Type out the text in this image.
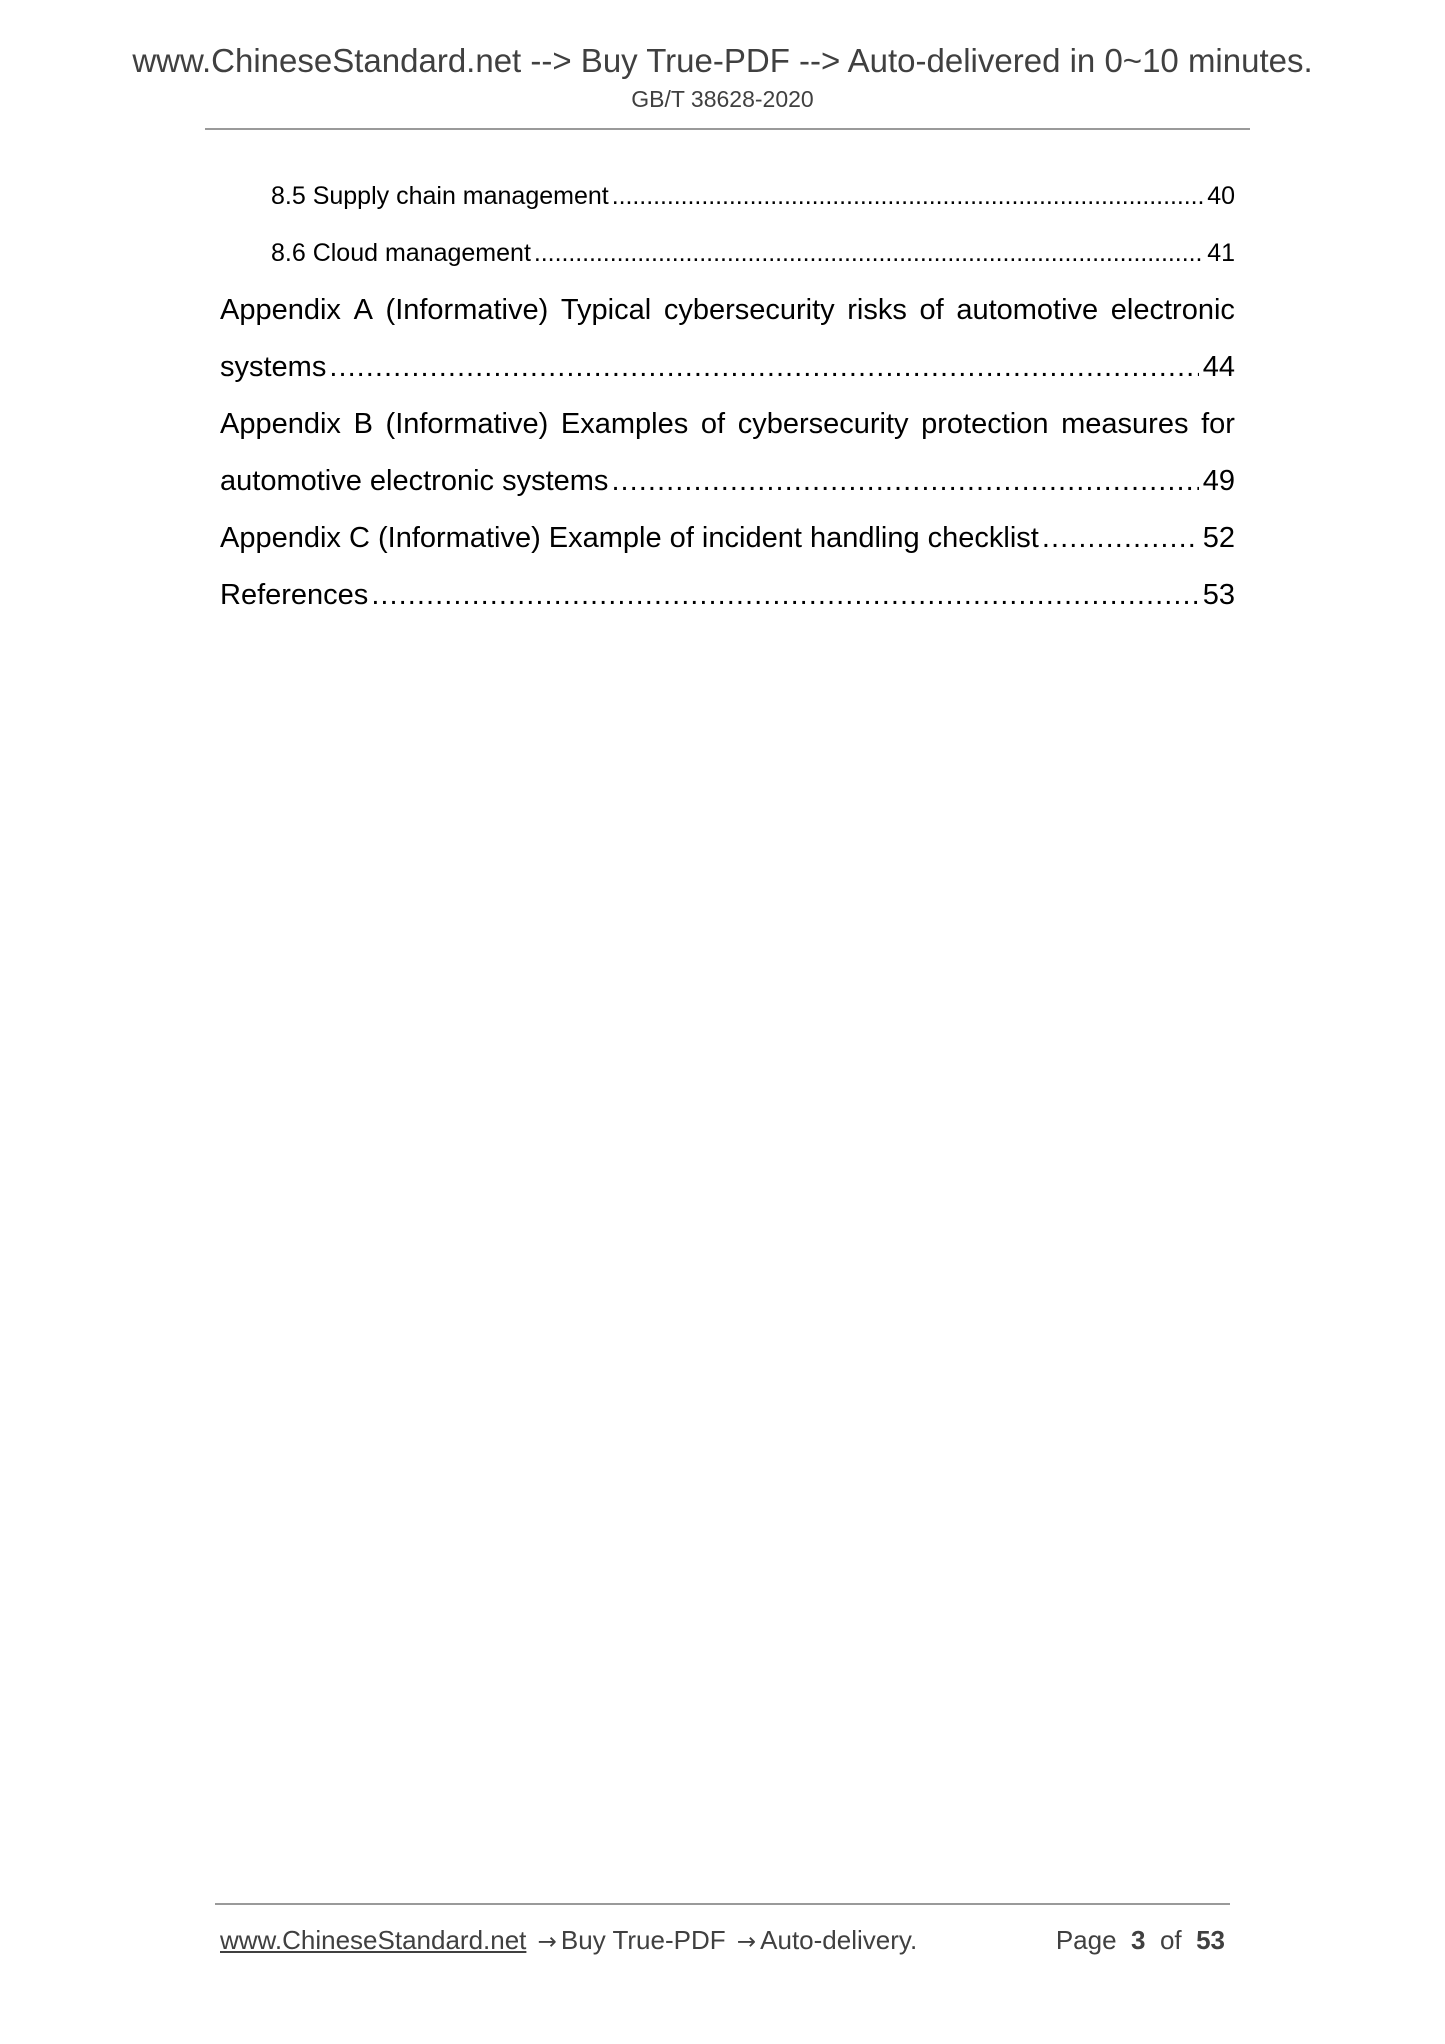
www.ChineseStandard.net --> Buy True-PDF --> Auto-delivered in 0~10 minutes.
GB/T 38628-2020
8.5 Supply chain management . . .	40
8.6 Cloud management . . .	41
Appendix A (Informative) Typical cybersecurity risks of automotive electronic
systems . . .	44
Appendix B (Informative) Examples of cybersecurity protection measures for
automotive electronic systems . . .	49
Appendix C (Informative) Example of incident handling checklist . . .	52
References . . .	53
www.ChineseStandard.net → Buy True-PDF → Auto-delivery.	Page 3 of 53
